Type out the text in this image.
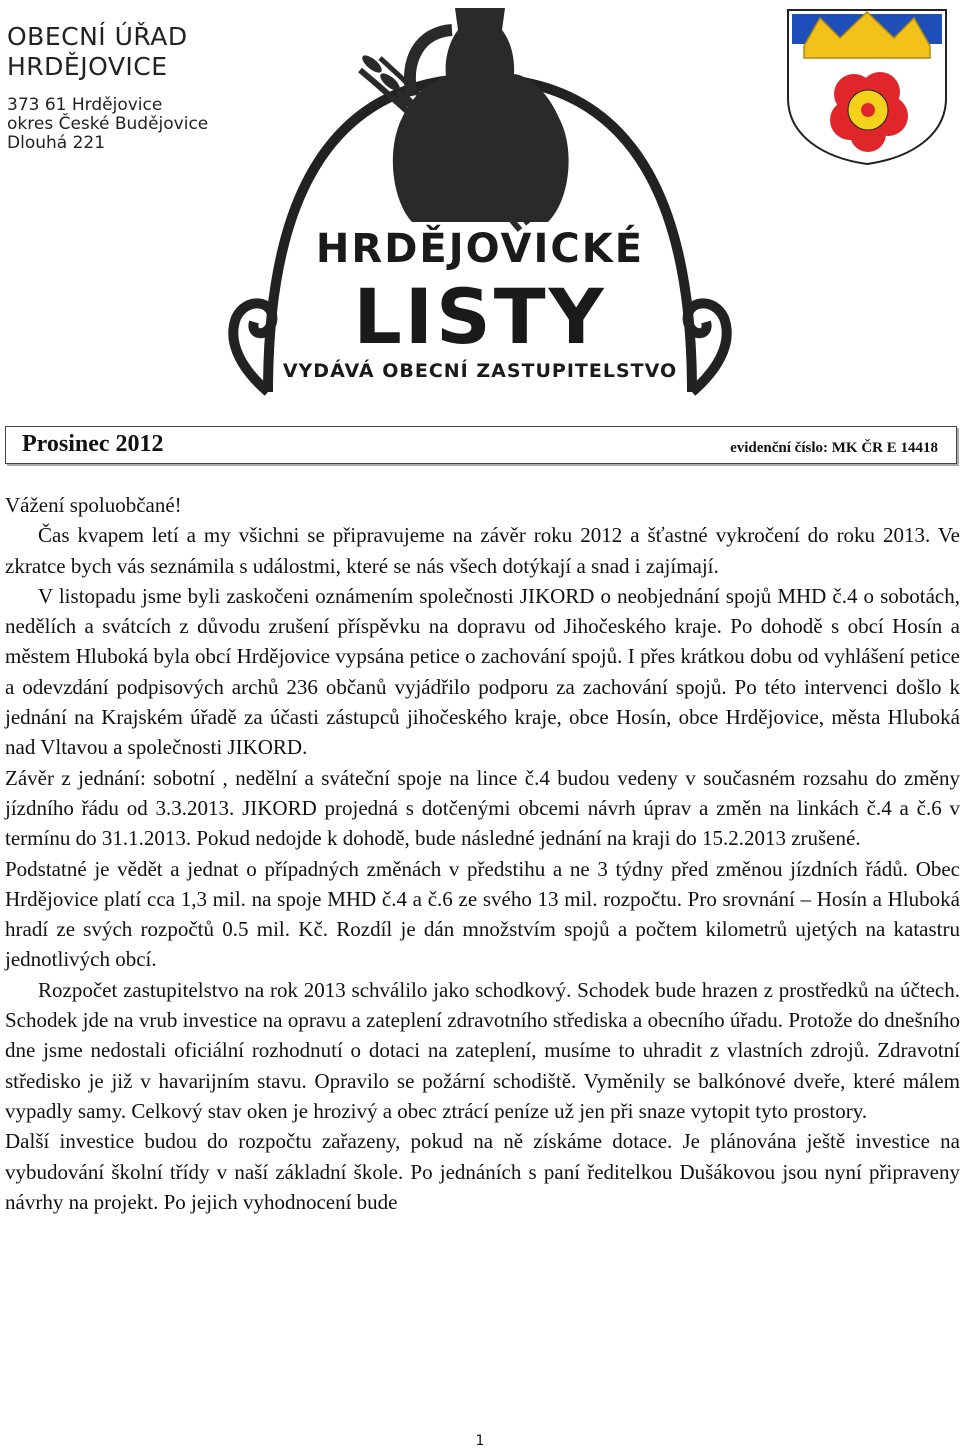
OBECNÍ ÚŘAD
HRDĚJOVICE
373 61 Hrdějovice
okres České Budějovice
Dlouhá 221
HRDĚJOVICKÉ
LISTY
VYDÁVÁ OBECNÍ ZASTUPITELSTVO
Prosinec 2012	evidenční číslo: MK ČR E 14418

Vážení spoluobčané!

Čas kvapem letí a my všichni se připravujeme na závěr roku 2012 a šťastné vykročení do roku 2013. Ve zkratce bych vás seznámila s událostmi, které se nás všech dotýkají a snad i zajímají.

V listopadu jsme byli zaskočeni oznámením společnosti JIKORD o neobjednání spojů MHD č.4 o sobotách, nedělích a svátcích z důvodu zrušení příspěvku na dopravu od Jihočeského kraje. Po dohodě s obcí Hosín a městem Hluboká byla obcí Hrdějovice vypsána petice o zachování spojů. I přes krátkou dobu od vyhlášení petice a odevzdání podpisových archů 236 občanů vyjádřilo podporu za zachování spojů. Po této intervenci došlo k jednání na Krajském úřadě za účasti zástupců jihočeského kraje, obce Hosín, obce Hrdějovice, města Hluboká nad Vltavou a společnosti JIKORD.

Závěr z jednání: sobotní , nedělní a sváteční spoje na lince č.4 budou vedeny v současném rozsahu do změny jízdního řádu od 3.3.2013. JIKORD projedná s dotčenými obcemi návrh úprav a změn na linkách č.4 a č.6 v termínu do 31.1.2013. Pokud nedojde k dohodě, bude následné jednání na kraji do 15.2.2013 zrušené.

Podstatné je vědět a jednat o případných změnách v předstihu a ne 3 týdny před změnou jízdních řádů. Obec Hrdějovice platí cca 1,3 mil. na spoje MHD č.4 a č.6 ze svého 13 mil. rozpočtu. Pro srovnání – Hosín a Hluboká hradí ze svých rozpočtů 0.5 mil. Kč. Rozdíl je dán množstvím spojů a počtem kilometrů ujetých na katastru jednotlivých obcí.

Rozpočet zastupitelstvo na rok 2013 schválilo jako schodkový. Schodek bude hrazen z prostředků na účtech. Schodek jde na vrub investice na opravu a zateplení zdravotního střediska a obecního úřadu. Protože do dnešního dne jsme nedostali oficiální rozhodnutí o dotaci na zateplení, musíme to uhradit z vlastních zdrojů. Zdravotní středisko je již v havarijním stavu. Opravilo se požární schodiště. Vyměnily se balkónové dveře, které málem vypadly samy. Celkový stav oken je hrozivý a obec ztrácí peníze už jen při snaze vytopit tyto prostory.

Další investice budou do rozpočtu zařazeny, pokud na ně získáme dotace. Je plánována ještě investice na vybudování školní třídy v naší základní škole. Po jednáních s paní ředitelkou Dušákovou jsou nyní připraveny návrhy na projekt. Po jejich vyhodnocení bude

1
